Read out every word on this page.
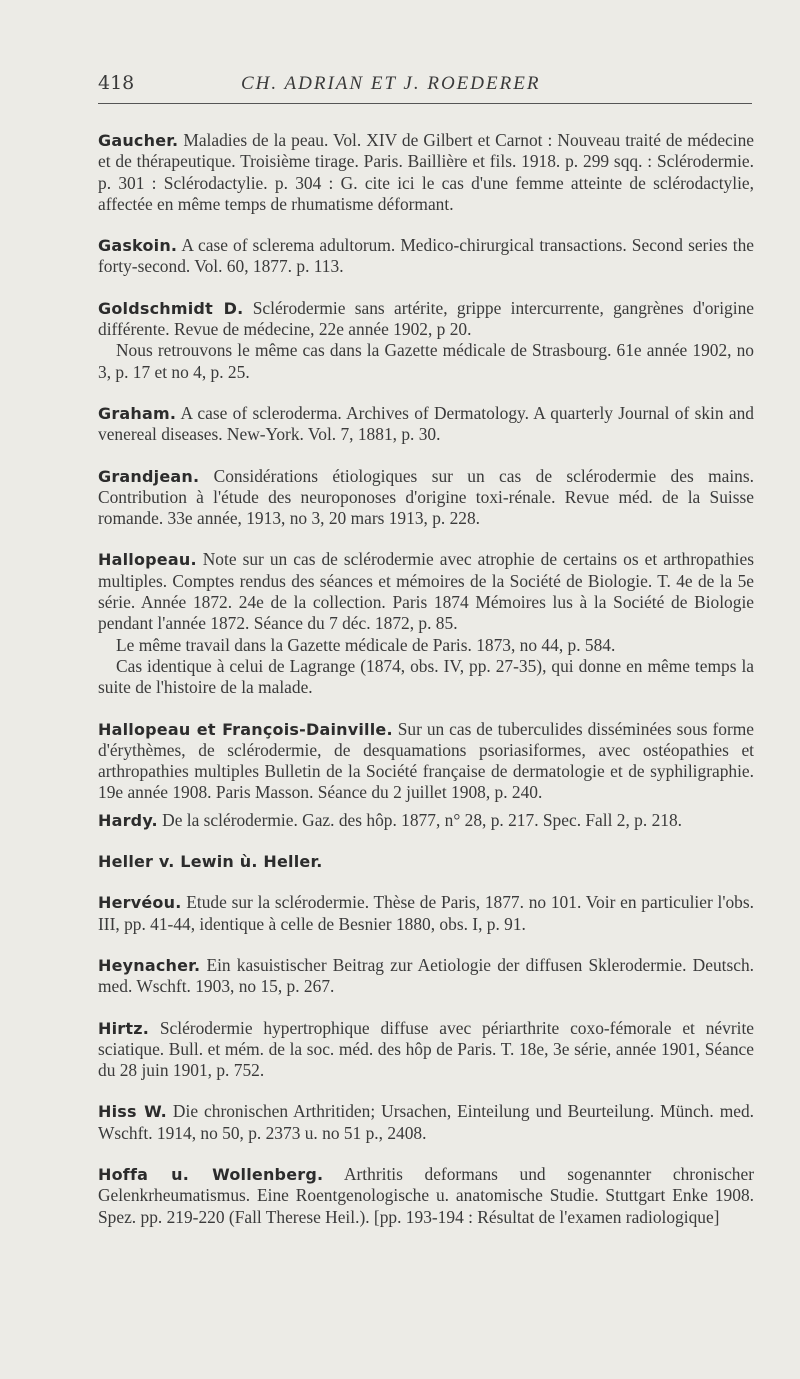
418	CH. ADRIAN ET J. ROEDERER

Gaucher. Maladies de la peau. Vol. XIV de Gilbert et Carnot : Nouveau traité de médecine et de thérapeutique. Troisième tirage. Paris. Baillière et fils. 1918. p. 299 sqq. : Sclérodermie. p. 301 : Sclérodactylie. p. 304 : G. cite ici le cas d'une femme atteinte de sclérodactylie, affectée en même temps de rhumatisme déformant.

Gaskoin. A case of sclerema adultorum. Medico-chirurgical transactions. Second series the forty-second. Vol. 60, 1877. p. 113.

Goldschmidt D. Sclérodermie sans artérite, grippe intercurrente, gangrènes d'origine différente. Revue de médecine, 22e année 1902, p 20.

Nous retrouvons le même cas dans la Gazette médicale de Strasbourg. 61e année 1902, no 3, p. 17 et no 4, p. 25.

Graham. A case of scleroderma. Archives of Dermatology. A quarterly Journal of skin and venereal diseases. New-York. Vol. 7, 1881, p. 30.

Grandjean. Considérations étiologiques sur un cas de sclérodermie des mains. Contribution à l'étude des neuroponoses d'origine toxi-rénale. Revue méd. de la Suisse romande. 33e année, 1913, no 3, 20 mars 1913, p. 228.

Hallopeau. Note sur un cas de sclérodermie avec atrophie de certains os et arthropathies multiples. Comptes rendus des séances et mémoires de la Société de Biologie. T. 4e de la 5e série. Année 1872. 24e de la collection. Paris 1874 Mémoires lus à la Société de Biologie pendant l'année 1872. Séance du 7 déc. 1872, p. 85.

Le même travail dans la Gazette médicale de Paris. 1873, no 44, p. 584.

Cas identique à celui de Lagrange (1874, obs. IV, pp. 27-35), qui donne en même temps la suite de l'histoire de la malade.

Hallopeau et François-Dainville. Sur un cas de tuberculides disséminées sous forme d'érythèmes, de sclérodermie, de desquamations psoriasiformes, avec ostéopathies et arthropathies multiples Bulletin de la Société française de dermatologie et de syphiligraphie. 19e année 1908. Paris Masson. Séance du 2 juillet 1908, p. 240.

Hardy. De la sclérodermie. Gaz. des hôp. 1877, n° 28, p. 217. Spec. Fall 2, p. 218.

Heller v. Lewin ù. Heller.

Hervéou. Etude sur la sclérodermie. Thèse de Paris, 1877. no 101. Voir en particulier l'obs. III, pp. 41-44, identique à celle de Besnier 1880, obs. I, p. 91.

Heynacher. Ein kasuistischer Beitrag zur Aetiologie der diffusen Sklerodermie. Deutsch. med. Wschft. 1903, no 15, p. 267.

Hirtz. Sclérodermie hypertrophique diffuse avec périarthrite coxo-fémorale et névrite sciatique. Bull. et mém. de la soc. méd. des hôp de Paris. T. 18e, 3e série, année 1901, Séance du 28 juin 1901, p. 752.

Hiss W. Die chronischen Arthritiden; Ursachen, Einteilung und Beurteilung. Münch. med. Wschft. 1914, no 50, p. 2373 u. no 51 p., 2408.

Hoffa u. Wollenberg. Arthritis deformans und sogenannter chronischer Gelenkrheumatismus. Eine Roentgenologische u. anatomische Studie. Stuttgart Enke 1908. Spez. pp. 219-220 (Fall Therese Heil.). [pp. 193-194 : Résultat de l'examen radiologique]
